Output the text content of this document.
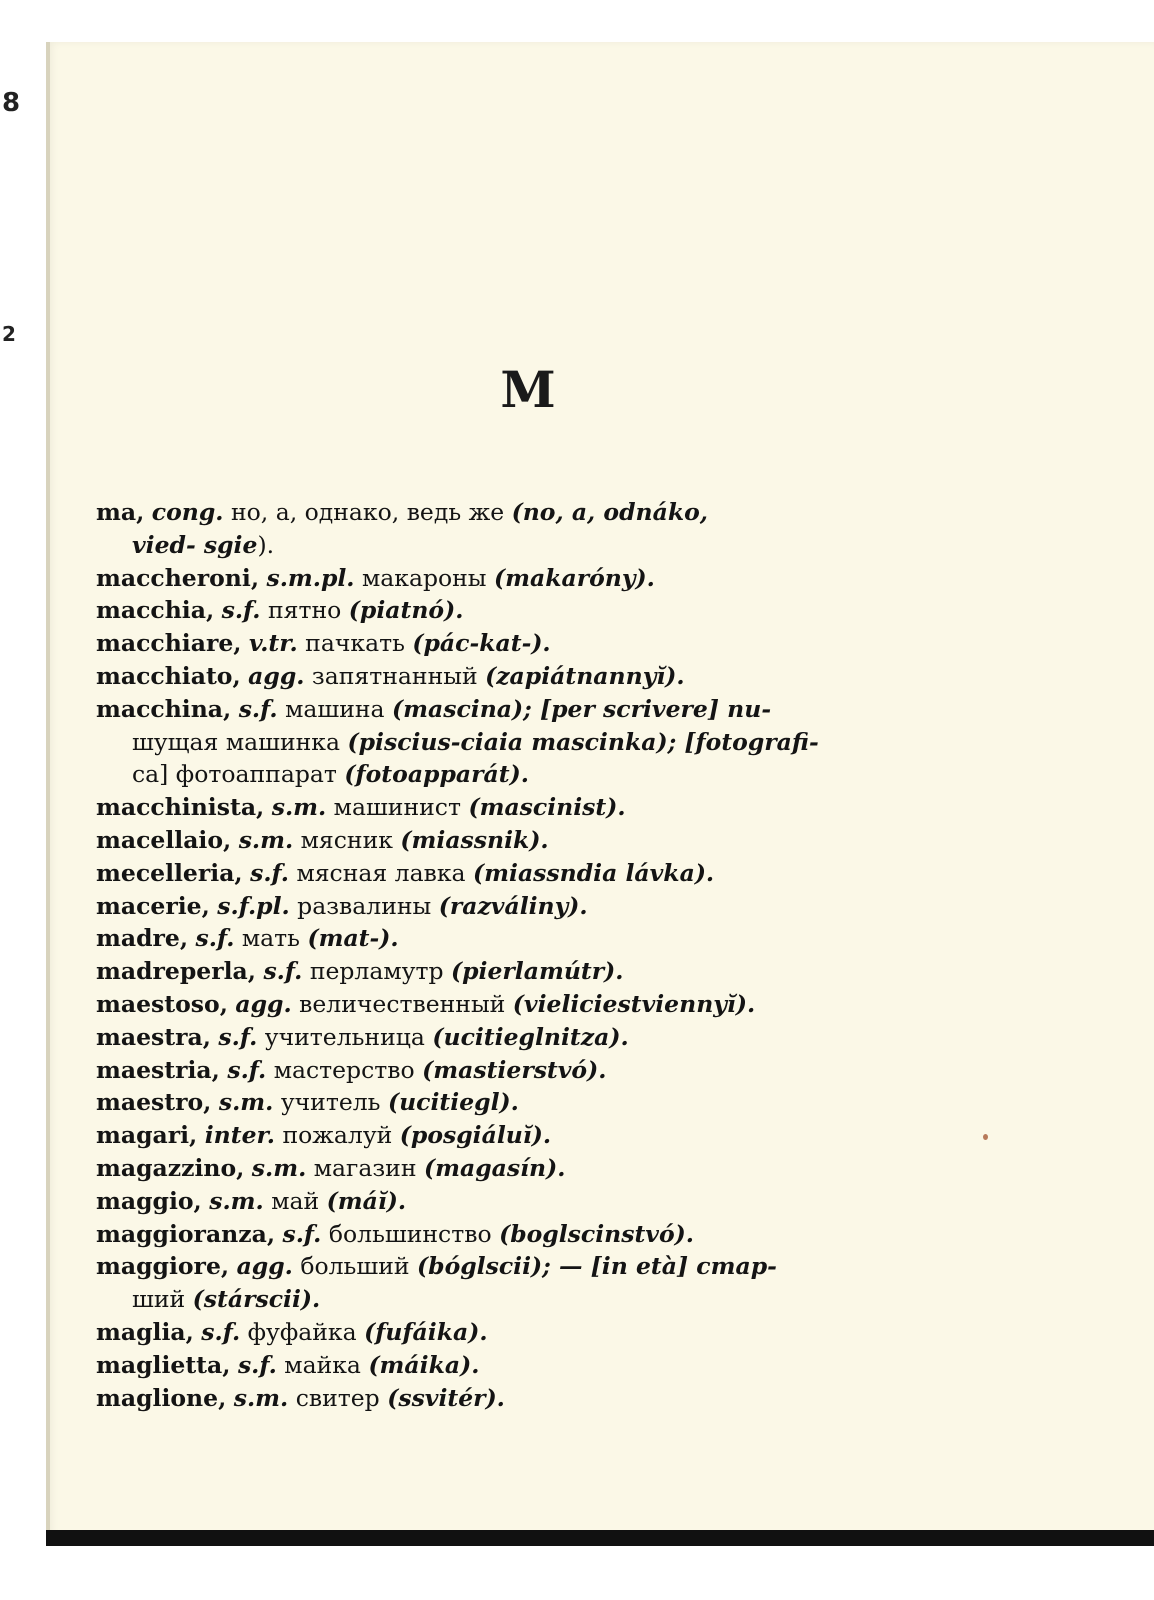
8
2
M
ma, cong. но, а, однако, ведь же (no, a, odnáko,
vied- sgie).
maccheroni, s.m.pl. макароны (makaróny).
macchia, s.f. пятно (piatnó).
macchiare, v.tr. пачкать (pác-kat-).
macchiato, agg. запятнанный (zapiátnannyĭ).
macchina, s.f. машина (mascina); [per scrivere] пи-
шущая машинка (piscius-ciaia mascinka); [fotografi-
ca] фотоаппарат (fotoapparát).
macchinista, s.m. машинист (mascinist).
macellaio, s.m. мясник (miassnik).
mecelleria, s.f. мясная лавка (miassndia lávka).
macerie, s.f.pl. развалины (razváliny).
madre, s.f. мать (mat-).
madreperla, s.f. перламутр (pierlamútr).
maestoso, agg. величественный (vieliciestviennyĭ).
maestra, s.f. учительница (ucitieglnitza).
maestria, s.f. мастерство (mastierstvó).
maestro, s.m. учитель (ucitiegl).
magari, inter. пожалуй (posgiáluĭ).
magazzino, s.m. магазин (magasín).
maggio, s.m. май (máĭ).
maggioranza, s.f. большинство (boglscinstvó).
maggiore, agg. больший (bóglscii); — [in età] стар-
ший (stárscii).
maglia, s.f. фуфайка (fufáika).
maglietta, s.f. майка (máika).
maglione, s.m. свитер (ssvitér).
